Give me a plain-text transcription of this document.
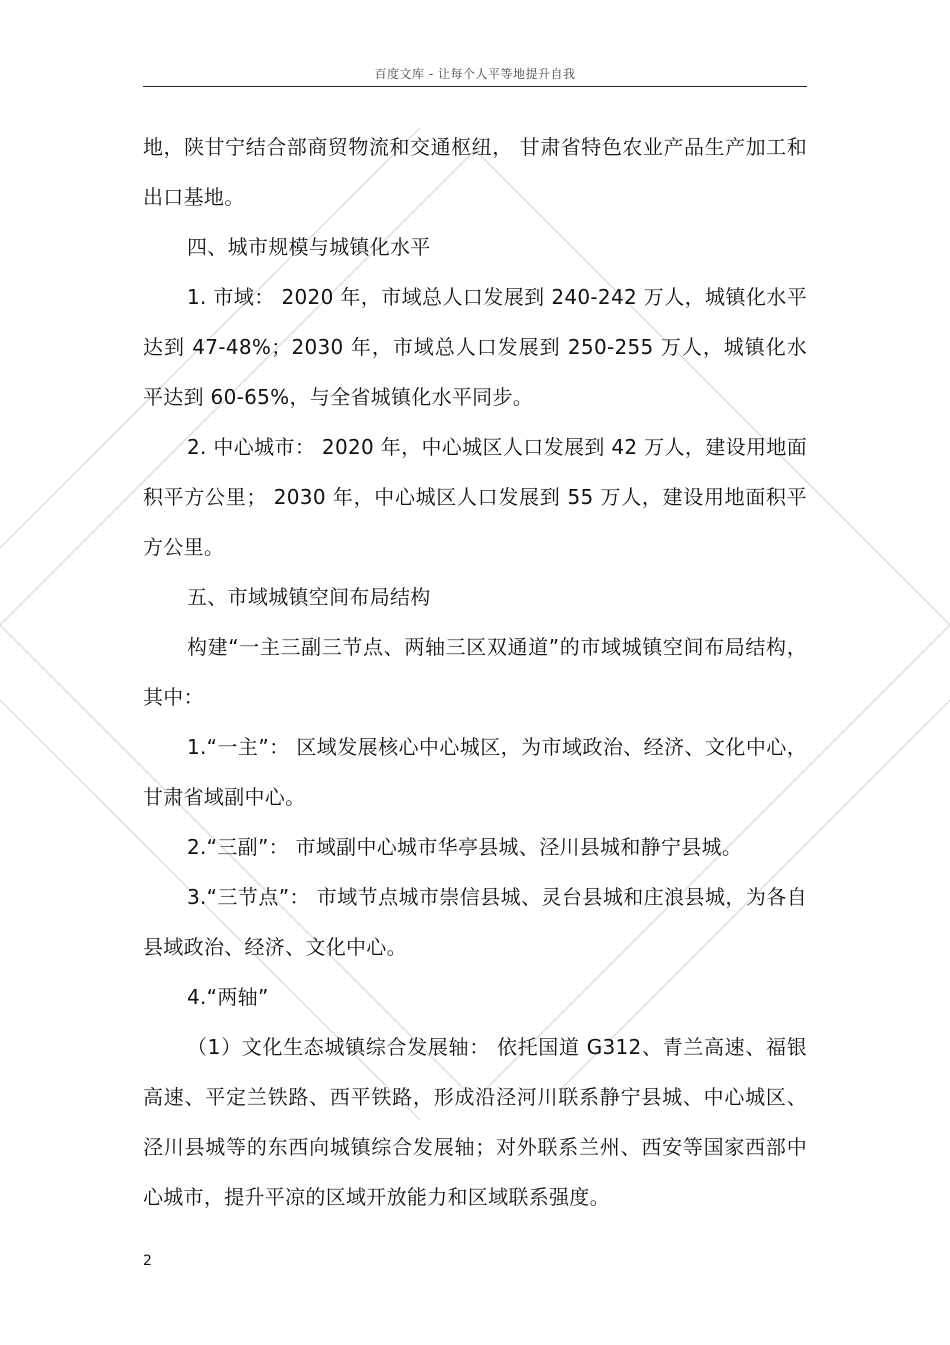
百度文库 - 让每个人平等地提升自我

地，陕甘宁结合部商贸物流和交通枢纽， 甘肃省特色农业产品生产加工和出口基地。

四、城市规模与城镇化水平

1. 市域： 2020 年，市域总人口发展到 240-242 万人，城镇化水平达到 47-48%；2030 年，市域总人口发展到 250-255 万人，城镇化水平达到 60-65%，与全省城镇化水平同步。

2. 中心城市： 2020 年，中心城区人口发展到 42 万人，建设用地面积平方公里； 2030 年，中心城区人口发展到 55 万人，建设用地面积平方公里。

五、市域城镇空间布局结构

构建“一主三副三节点、两轴三区双通道”的市域城镇空间布局结构，其中：

1.“一主”： 区域发展核心中心城区，为市域政治、经济、文化中心，甘肃省域副中心。

2.“三副”： 市域副中心城市华亭县城、泾川县城和静宁县城。

3.“三节点”： 市域节点城市崇信县城、灵台县城和庄浪县城，为各自县域政治、经济、文化中心。

4.“两轴”

（1）文化生态城镇综合发展轴： 依托国道 G312、青兰高速、福银高速、平定兰铁路、西平铁路，形成沿泾河川联系静宁县城、中心城区、泾川县城等的东西向城镇综合发展轴；对外联系兰州、西安等国家西部中心城市，提升平凉的区域开放能力和区域联系强度。

2
